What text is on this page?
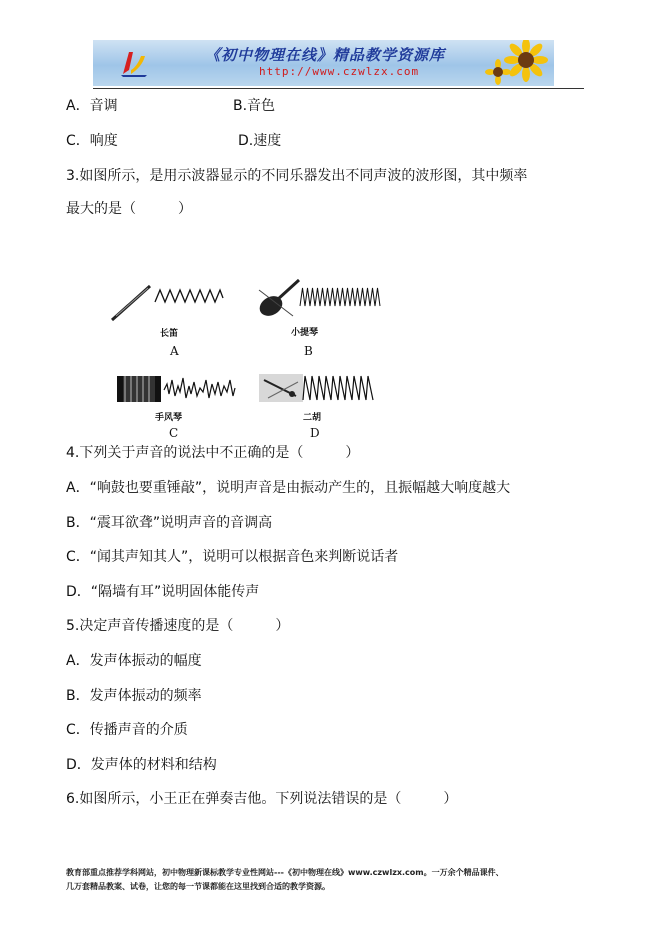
《初中物理在线》精品教学资源库
http://www.czwlzx.com
A．音调	B.音色
C．响度	D.速度
3.如图所示，是用示波器显示的不同乐器发出不同声波的波形图，其中频率
最大的是（　　　）
长笛
A
小提琴
B
手风琴
C
二胡
D
4.下列关于声音的说法中不正确的是（　　　）
A．“响鼓也要重锤敲”，说明声音是由振动产生的，且振幅越大响度越大
B．“震耳欲聋”说明声音的音调高
C．“闻其声知其人”，说明可以根据音色来判断说话者
D．“隔墙有耳”说明固体能传声
5.决定声音传播速度的是（　　　）
A．发声体振动的幅度
B．发声体振动的频率
C．传播声音的介质
D．发声体的材料和结构
6.如图所示，小王正在弹奏吉他。下列说法错误的是（　　　）
教育部重点推荐学科网站，初中物理新课标教学专业性网站---《初中物理在线》www.czwlzx.com。一万余个精品课件、
几万套精品教案、试卷，让您的每一节课都能在这里找到合适的教学资源。
